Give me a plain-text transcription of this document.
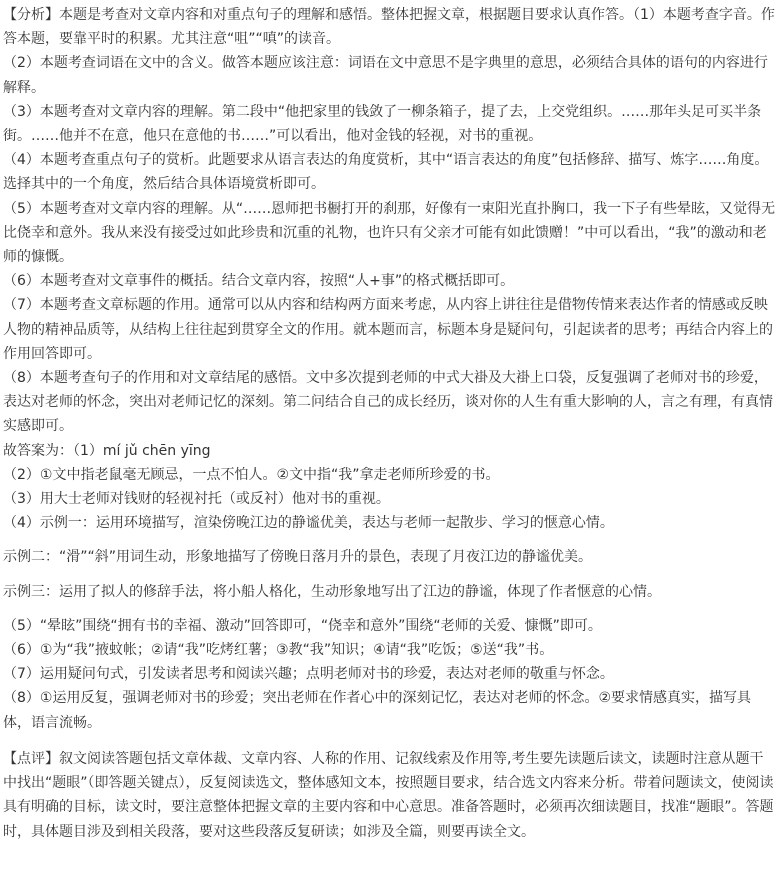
【分析】本题是考查对文章内容和对重点句子的理解和感悟。整体把握文章，根据题目要求认真作答。（1）本题考查字音。作答本题，要靠平时的积累。尤其注意“咀”“嗔”的读音。

（2）本题考查词语在文中的含义。做答本题应该注意：词语在文中意思不是字典里的意思，必须结合具体的语句的内容进行解释。

（3）本题考查对文章内容的理解。第二段中“他把家里的钱敛了一柳条箱子，提了去，上交党组织。……那年头足可买半条街。……他并不在意，他只在意他的书……”可以看出，他对金钱的轻视，对书的重视。

（4）本题考查重点句子的赏析。此题要求从语言表达的角度赏析，其中“语言表达的角度”包括修辞、描写、炼字……角度。选择其中的一个角度，然后结合具体语境赏析即可。

（5）本题考查对文章内容的理解。从“……恩师把书橱打开的刹那，好像有一束阳光直扑胸口，我一下子有些晕眩，又觉得无比侥幸和意外。我从来没有接受过如此珍贵和沉重的礼物，也许只有父亲才可能有如此馈赠！”中可以看出，“我”的激动和老师的慷慨。

（6）本题考查对文章事件的概括。结合文章内容，按照“人+事”的格式概括即可。

（7）本题考查文章标题的作用。通常可以从内容和结构两方面来考虑，从内容上讲往往是借物传情来表达作者的情感或反映人物的精神品质等，从结构上往往起到贯穿全文的作用。就本题而言，标题本身是疑问句，引起读者的思考；再结合内容上的作用回答即可。

（8）本题考查句子的作用和对文章结尾的感悟。文中多次提到老师的中式大褂及大褂上口袋，反复强调了老师对书的珍爱，表达对老师的怀念，突出对老师记忆的深刻。第二问结合自己的成长经历，谈对你的人生有重大影响的人，言之有理，有真情实感即可。

故答案为：（1）mí jǔ chēn yīng

（2）①文中指老鼠毫无顾忌，一点不怕人。②文中指“我”拿走老师所珍爱的书。

（3）用大士老师对钱财的轻视衬托（或反衬）他对书的重视。

（4）示例一：运用环境描写，渲染傍晚江边的静谧优美，表达与老师一起散步、学习的惬意心情。

示例二：“滑”“斜”用词生动，形象地描写了傍晚日落月升的景色，表现了月夜江边的静谧优美。

示例三：运用了拟人的修辞手法，将小船人格化，生动形象地写出了江边的静谧，体现了作者惬意的心情。

（5）“晕眩”围绕“拥有书的幸福、激动”回答即可，“侥幸和意外”围绕“老师的关爱、慷慨”即可。

（6）①为“我”掖蚊帐；②请“我”吃烤红薯；③教“我”知识；④请“我”吃饭；⑤送“我”书。

（7）运用疑问句式，引发读者思考和阅读兴趣；点明老师对书的珍爱，表达对老师的敬重与怀念。

（8）①运用反复，强调老师对书的珍爱；突出老师在作者心中的深刻记忆，表达对老师的怀念。②要求情感真实，描写具体，语言流畅。

【点评】叙文阅读答题包括文章体裁、文章内容、人称的作用、记叙线索及作用等,考生要先读题后读文，读题时注意从题干中找出“题眼”（即答题关键点），反复阅读选文，整体感知文本，按照题目要求，结合选文内容来分析。带着问题读文，使阅读具有明确的目标，读文时，要注意整体把握文章的主要内容和中心意思。准备答题时，必须再次细读题目，找准“题眼”。答题时，具体题目涉及到相关段落，要对这些段落反复研读；如涉及全篇，则要再读全文。
